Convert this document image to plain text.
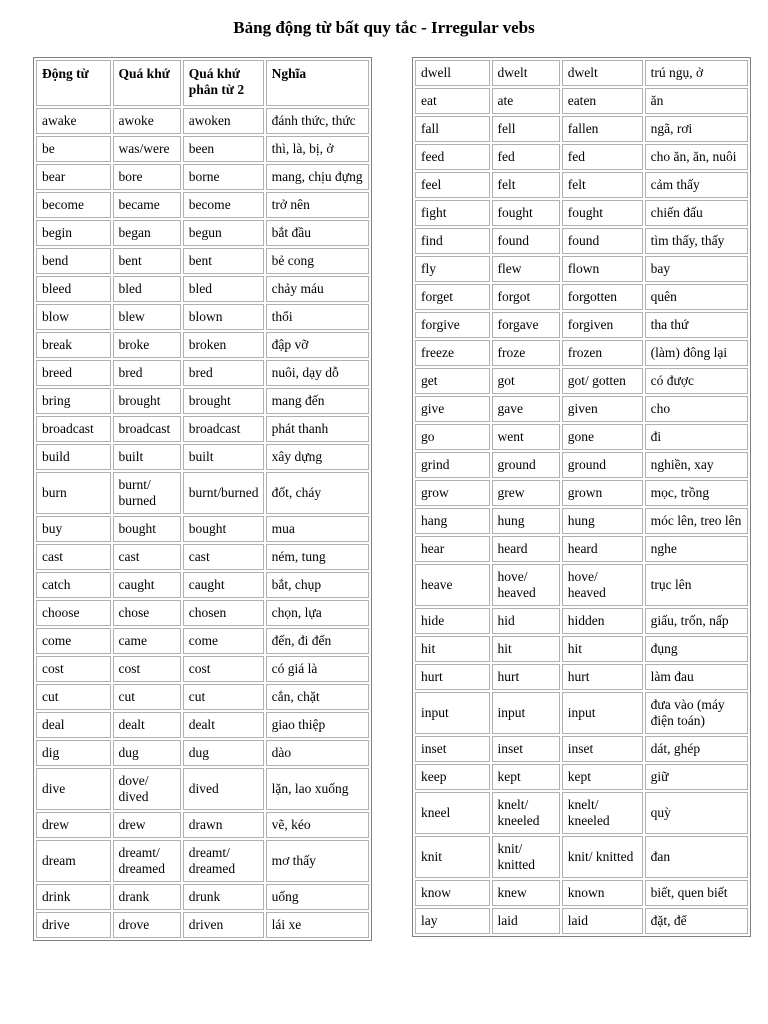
Bảng động từ bất quy tắc - Irregular vebs
Động từ	Quá khứ	Quá khứ phân từ 2	Nghĩa
awake	awoke	awoken	đánh thức, thức
be	was/were	been	thì, là, bị, ở
bear	bore	borne	mang, chịu đựng
become	became	become	trở nên
begin	began	begun	bắt đầu
bend	bent	bent	bẻ cong
bleed	bled	bled	chảy máu
blow	blew	blown	thổi
break	broke	broken	đập vỡ
breed	bred	bred	nuôi, dạy dỗ
bring	brought	brought	mang đến
broadcast	broadcast	broadcast	phát thanh
build	built	built	xây dựng
burn	burnt/ burned	burnt/burned	đốt, cháy
buy	bought	bought	mua
cast	cast	cast	ném, tung
catch	caught	caught	bắt, chụp
choose	chose	chosen	chọn, lựa
come	came	come	đến, đi đến
cost	cost	cost	có giá là
cut	cut	cut	cắn, chặt
deal	dealt	dealt	giao thiệp
dig	dug	dug	dào
dive	dove/ dived	dived	lặn, lao xuống
drew	drew	drawn	vẽ, kéo
dream	dreamt/ dreamed	dreamt/ dreamed	mơ thấy
drink	drank	drunk	uống
drive	drove	driven	lái xe
dwell	dwelt	dwelt	trú ngụ, ở
eat	ate	eaten	ăn
fall	fell	fallen	ngã, rơi
feed	fed	fed	cho ăn, ăn, nuôi
feel	felt	felt	cảm thấy
fight	fought	fought	chiến đấu
find	found	found	tìm thấy, thấy
fly	flew	flown	bay
forget	forgot	forgotten	quên
forgive	forgave	forgiven	tha thứ
freeze	froze	frozen	(làm) đông lại
get	got	got/ gotten	có được
give	gave	given	cho
go	went	gone	đi
grind	ground	ground	nghiền, xay
grow	grew	grown	mọc, trồng
hang	hung	hung	móc lên, treo lên
hear	heard	heard	nghe
heave	hove/ heaved	hove/ heaved	trục lên
hide	hid	hidden	giấu, trốn, nấp
hit	hit	hit	đụng
hurt	hurt	hurt	làm đau
input	input	input	đưa vào (máy điện toán)
inset	inset	inset	dát, ghép
keep	kept	kept	giữ
kneel	knelt/ kneeled	knelt/ kneeled	quỳ
knit	knit/ knitted	knit/ knitted	đan
know	knew	known	biết, quen biết
lay	laid	laid	đặt, để
